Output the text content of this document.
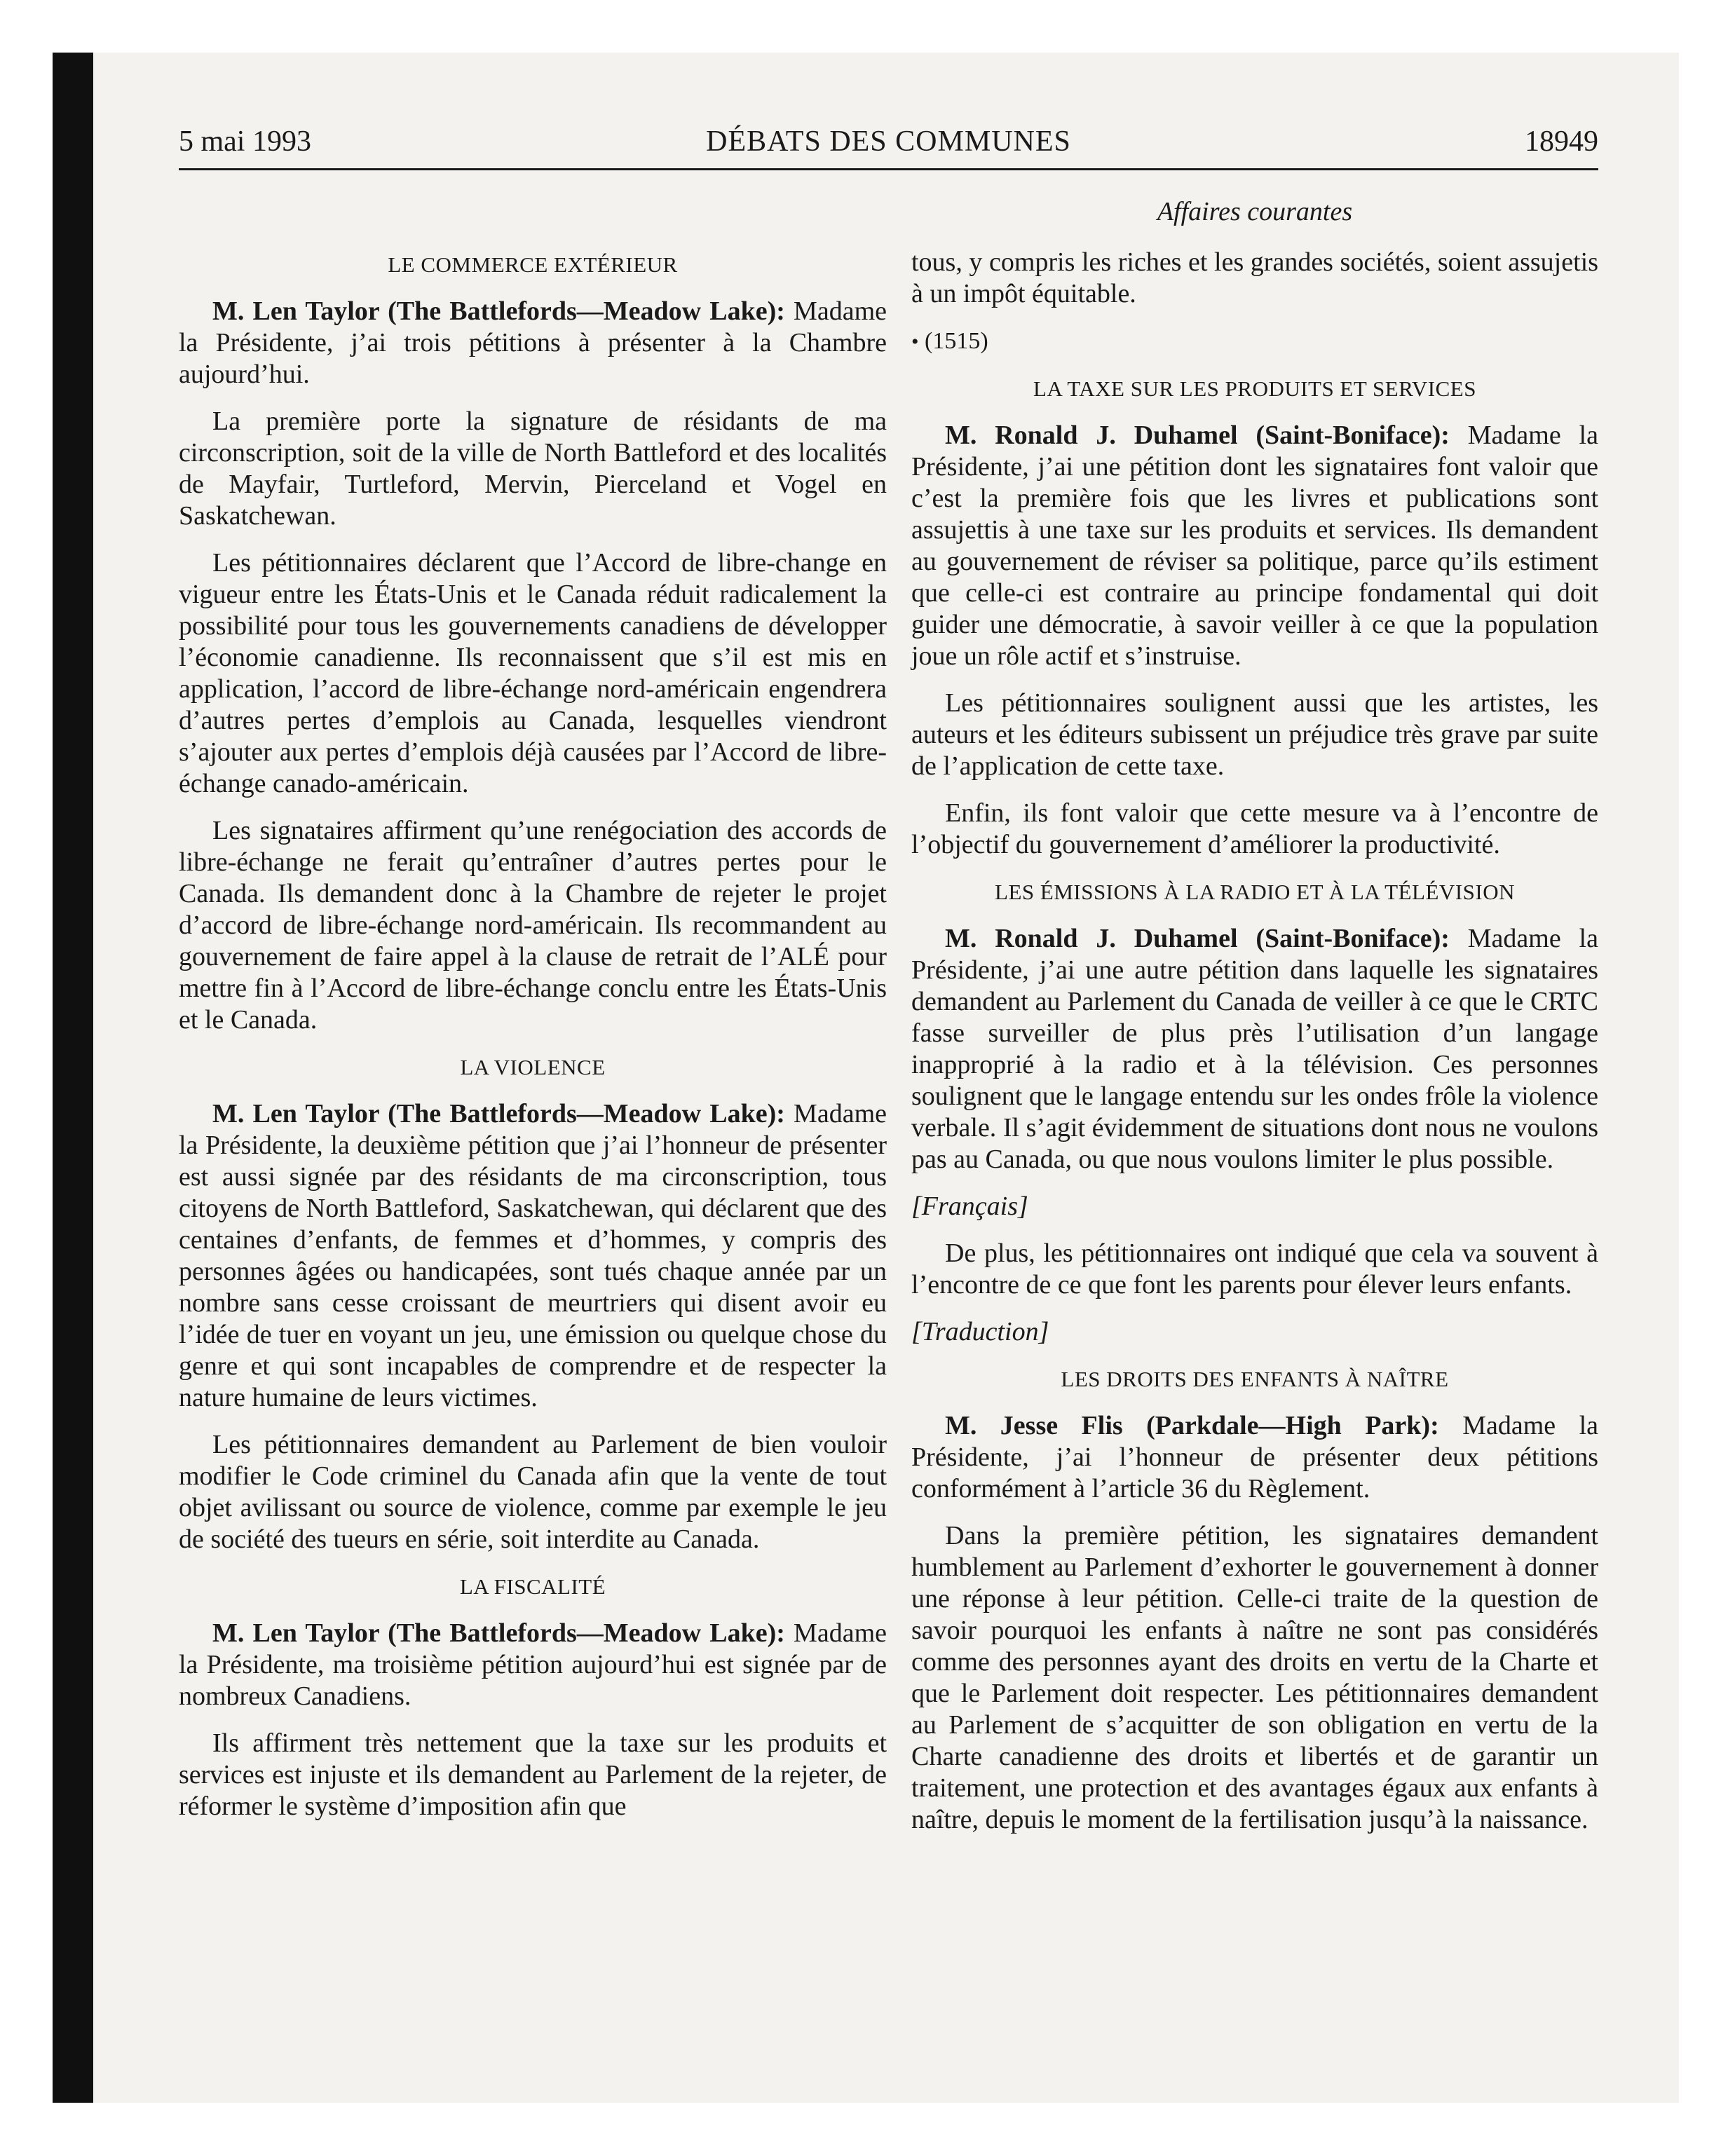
5 mai 1993	DÉBATS DES COMMUNES	18949
Affaires courantes
LE COMMERCE EXTÉRIEUR

M. Len Taylor (The Battlefords—Meadow Lake): Madame la Présidente, j’ai trois pétitions à présenter à la Chambre aujourd’hui.

La première porte la signature de résidants de ma circonscription, soit de la ville de North Battleford et des localités de Mayfair, Turtleford, Mervin, Pierceland et Vogel en Saskatchewan.

Les pétitionnaires déclarent que l’Accord de libre-change en vigueur entre les États-Unis et le Canada réduit radicalement la possibilité pour tous les gouvernements canadiens de développer l’économie canadienne. Ils reconnaissent que s’il est mis en application, l’accord de libre-échange nord-américain engendrera d’autres pertes d’emplois au Canada, lesquelles viendront s’ajouter aux pertes d’emplois déjà causées par l’Accord de libre-échange canado-américain.

Les signataires affirment qu’une renégociation des accords de libre-échange ne ferait qu’entraîner d’autres pertes pour le Canada. Ils demandent donc à la Chambre de rejeter le projet d’accord de libre-échange nord-américain. Ils recommandent au gouvernement de faire appel à la clause de retrait de l’ALÉ pour mettre fin à l’Accord de libre-échange conclu entre les États-Unis et le Canada.

LA VIOLENCE

M. Len Taylor (The Battlefords—Meadow Lake): Madame la Présidente, la deuxième pétition que j’ai l’honneur de présenter est aussi signée par des résidants de ma circonscription, tous citoyens de North Battleford, Saskatchewan, qui déclarent que des centaines d’enfants, de femmes et d’hommes, y compris des personnes âgées ou handicapées, sont tués chaque année par un nombre sans cesse croissant de meurtriers qui disent avoir eu l’idée de tuer en voyant un jeu, une émission ou quelque chose du genre et qui sont incapables de comprendre et de respecter la nature humaine de leurs victimes.

Les pétitionnaires demandent au Parlement de bien vouloir modifier le Code criminel du Canada afin que la vente de tout objet avilissant ou source de violence, comme par exemple le jeu de société des tueurs en série, soit interdite au Canada.

LA FISCALITÉ

M. Len Taylor (The Battlefords—Meadow Lake): Madame la Présidente, ma troisième pétition aujourd’hui est signée par de nombreux Canadiens.

Ils affirment très nettement que la taxe sur les produits et services est injuste et ils demandent au Parlement de la rejeter, de réformer le système d’imposition afin que

tous, y compris les riches et les grandes sociétés, soient assujetis à un impôt équitable.

• (1515)
LA TAXE SUR LES PRODUITS ET SERVICES

M. Ronald J. Duhamel (Saint-Boniface): Madame la Présidente, j’ai une pétition dont les signataires font valoir que c’est la première fois que les livres et publications sont assujettis à une taxe sur les produits et services. Ils demandent au gouvernement de réviser sa politique, parce qu’ils estiment que celle-ci est contraire au principe fondamental qui doit guider une démocratie, à savoir veiller à ce que la population joue un rôle actif et s’instruise.

Les pétitionnaires soulignent aussi que les artistes, les auteurs et les éditeurs subissent un préjudice très grave par suite de l’application de cette taxe.

Enfin, ils font valoir que cette mesure va à l’encontre de l’objectif du gouvernement d’améliorer la productivité.

LES ÉMISSIONS À LA RADIO ET À LA TÉLÉVISION

M. Ronald J. Duhamel (Saint-Boniface): Madame la Présidente, j’ai une autre pétition dans laquelle les signataires demandent au Parlement du Canada de veiller à ce que le CRTC fasse surveiller de plus près l’utilisation d’un langage inapproprié à la radio et à la télévision. Ces personnes soulignent que le langage entendu sur les ondes frôle la violence verbale. Il s’agit évidemment de situations dont nous ne voulons pas au Canada, ou que nous voulons limiter le plus possible.

[Français]

De plus, les pétitionnaires ont indiqué que cela va souvent à l’encontre de ce que font les parents pour élever leurs enfants.

[Traduction]

LES DROITS DES ENFANTS À NAÎTRE

M. Jesse Flis (Parkdale—High Park): Madame la Présidente, j’ai l’honneur de présenter deux pétitions conformément à l’article 36 du Règlement.

Dans la première pétition, les signataires demandent humblement au Parlement d’exhorter le gouvernement à donner une réponse à leur pétition. Celle-ci traite de la question de savoir pourquoi les enfants à naître ne sont pas considérés comme des personnes ayant des droits en vertu de la Charte et que le Parlement doit respecter. Les pétitionnaires demandent au Parlement de s’acquitter de son obligation en vertu de la Charte canadienne des droits et libertés et de garantir un traitement, une protection et des avantages égaux aux enfants à naître, depuis le moment de la fertilisation jusqu’à la naissance.
